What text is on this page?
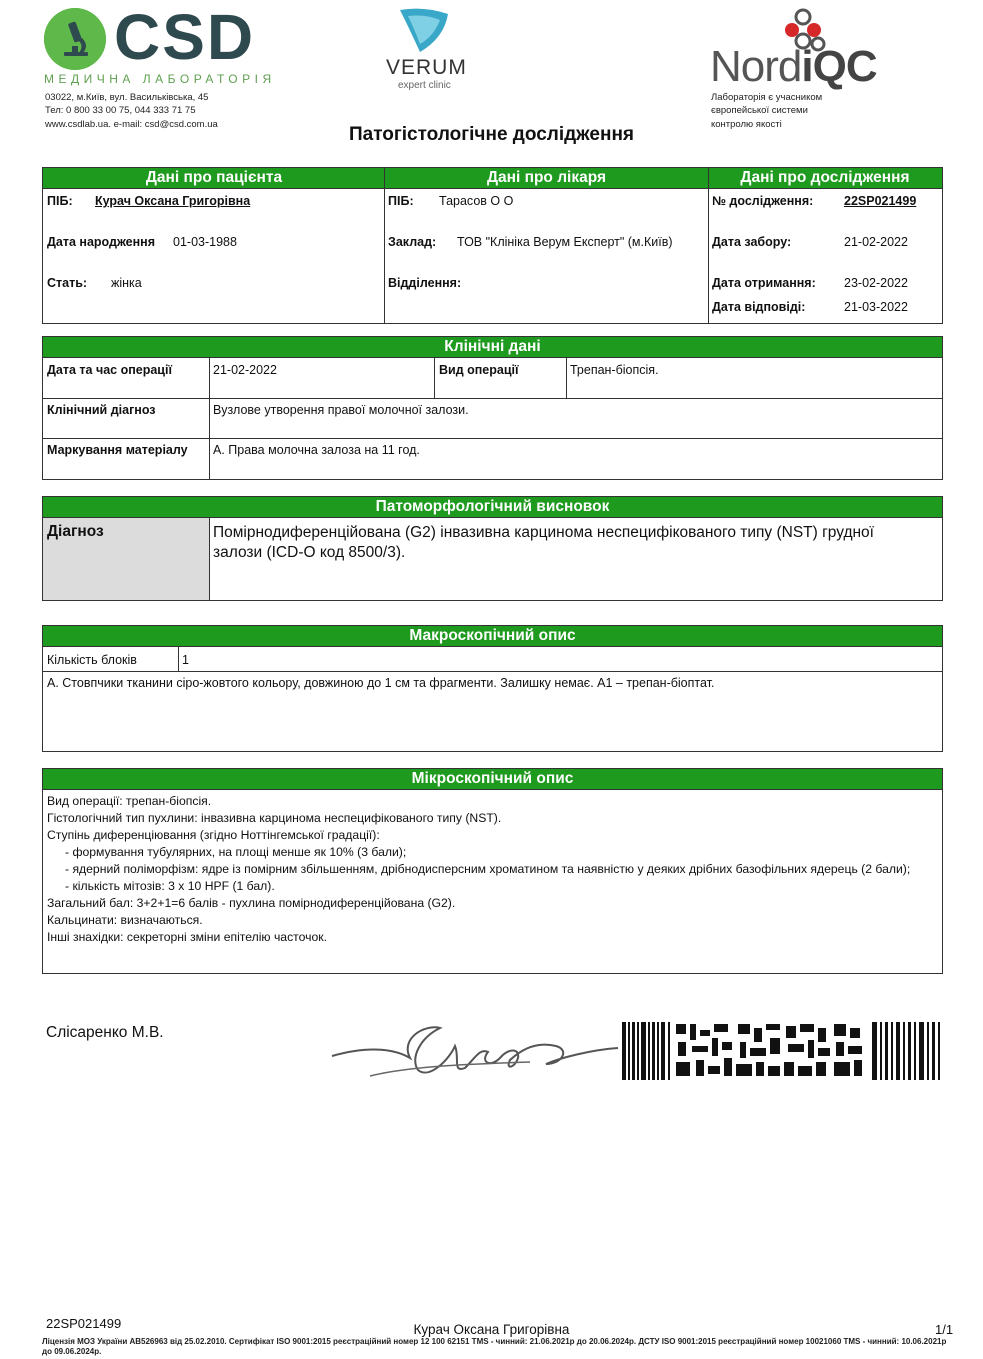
CSD
МЕДИЧНА ЛАБОРАТОРІЯ
03022, м.Київ, вул. Васильківська, 45
Тел: 0 800 33 00 75, 044 333 71 75
www.csdlab.ua. e-mail: csd@csd.com.ua
VERUM
expert clinic	NordiQC
Лабораторія є учасником
європейської системи
контролю якості
Патогістологічне дослідження
Дані про пацієнта	Дані про лікаря	Дані про дослідження
ПІБ: Курач Оксана Григорівна
Дата народження 01-03-1988
Стать: жінка
ПІБ: Тарасов О О
Заклад: ТОВ "Клініка Верум Експерт" (м.Київ)
Відділення:
№ дослідження: 22SP021499
Дата забору:	21-02-2022
Дата отримання: 23-02-2022
Дата відповіді:	21-03-2022
Клінічні дані
Дата та час операції	21-02-2022	Вид операції	Трепан-біопсія.
Клінічний діагноз	Вузлове утворення правої молочної залози.
Маркування матеріалу А. Права молочна залоза на 11 год.
Патоморфологічний висновок
Діагноз	Помірнодиференційована (G2) інвазивна карцинома неспецифікованого типу (NST) грудної залози (ICD-O код 8500/3).
Макроскопічний опис
Кількість блоків	1
А. Стовпчики тканини сіро-жовтого кольору, довжиною до 1 см та фрагменти. Залишку немає. А1 – трепан-біоптат.
Мікроскопічний опис
Вид операції: трепан-біопсія.
Гістологічний тип пухлини: інвазивна карцинома неспецифікованого типу (NST).
Ступінь диференціювання (згідно Ноттінгемської градації):
- формування тубулярних, на площі менше як 10% (3 бали);
- ядерний поліморфізм: ядре із помірним збільшенням, дрібнодисперсним хроматином та наявністю у деяких дрібних базофільних ядерець (2 бали);
- кількість мітозів: 3 x 10 HPF (1 бал).
Загальний бал: 3+2+1=6 балів - пухлина помірнодиференційована (G2).
Кальцинати: визначаються.
Інші знахідки: секреторні зміни епітелію часточок.
Слісаренко М.В.
22SP021499	Курач Оксана Григорівна	1/1
Ліцензія МОЗ України АВ526963 від 25.02.2010. Сертифікат ISO 9001:2015 реєстраційний номер 12 100 62151 TMS - чинний: 21.06.2021р до 20.06.2024р. ДСТУ ISO 9001:2015 реєстраційний номер 10021060 TMS - чинний: 10.06.2021р до 09.06.2024р.
